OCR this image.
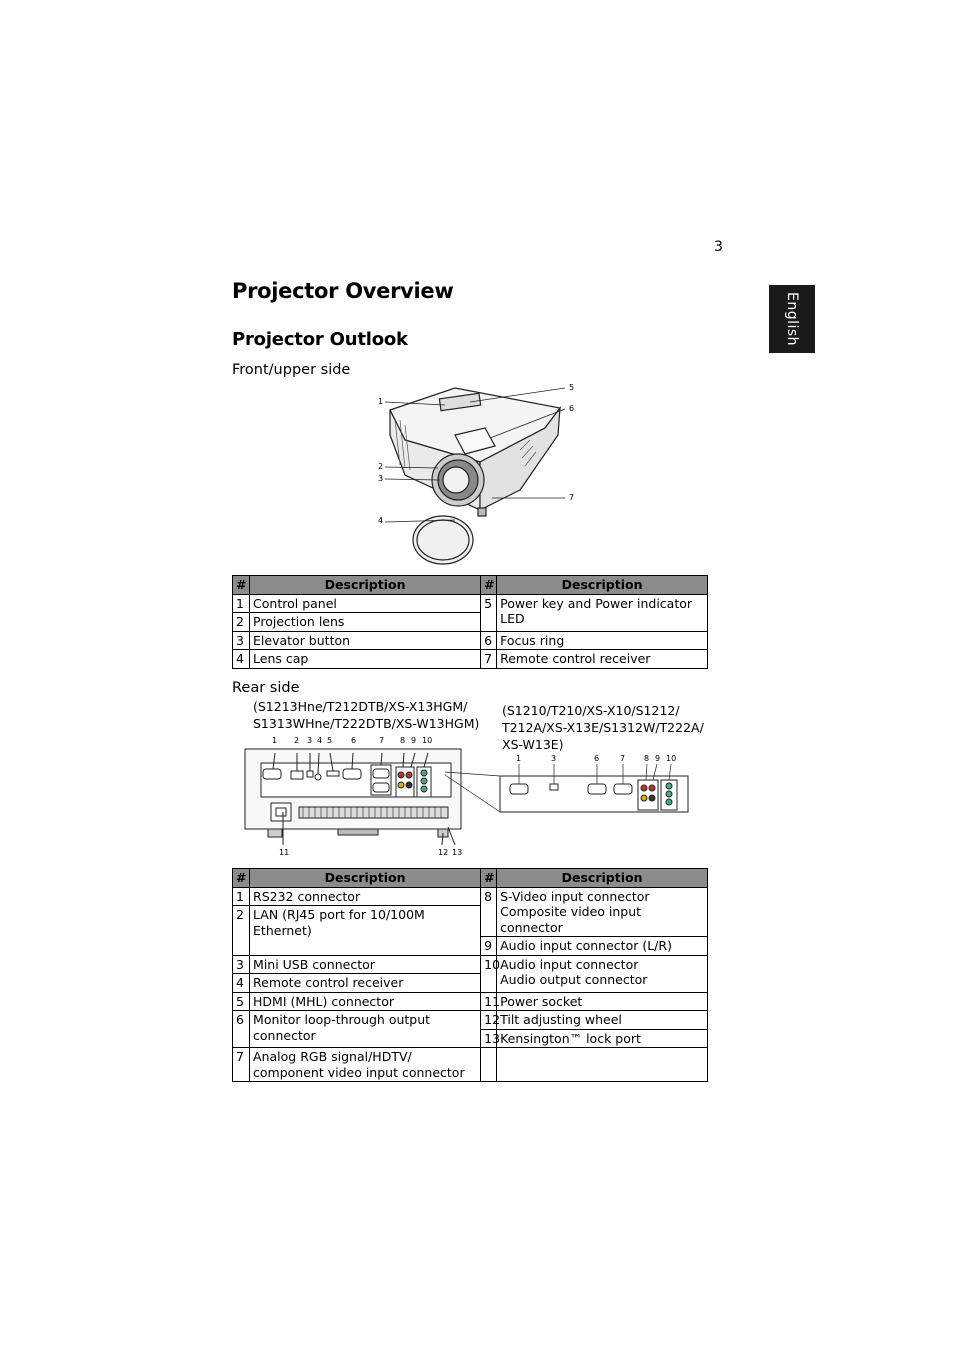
3
English
Projector Overview
Projector Outlook
Front/upper side
1
2
3
4
5
6
7
#	Description	#	Description
1	Control panel	5	Power key and Power indicator LED
2	Projection lens		
3	Elevator button	6	Focus ring
4	Lens cap	7	Remote control receiver
Rear side
(S1213Hne/T212DTB/XS-X13HGM/
S1313WHne/T222DTB/XS-W13HGM)
(S1210/T210/XS-X10/S1212/
T212A/XS-X13E/S1312W/T222A/
XS-W13E)
1 2 3 4 5 6	7 8 9 10
11	12 13
1	3	6	7 8 9 10
#	Description	#	Description
1	RS232 connector	8	S-Video input connector
Composite video input connector

2	LAN (RJ45 port for 10/100M Ethernet)		
		9	Audio input connector (L/R)
3	Mini USB connector	10	Audio input connector
Audio output connector

4	Remote control receiver		
5	HDMI (MHL) connector	11	Power socket
6	Monitor loop-through output connector	12	Tilt adjusting wheel
		13	Kensington™ lock port
7	Analog RGB signal/HDTV/ component video input connector		
